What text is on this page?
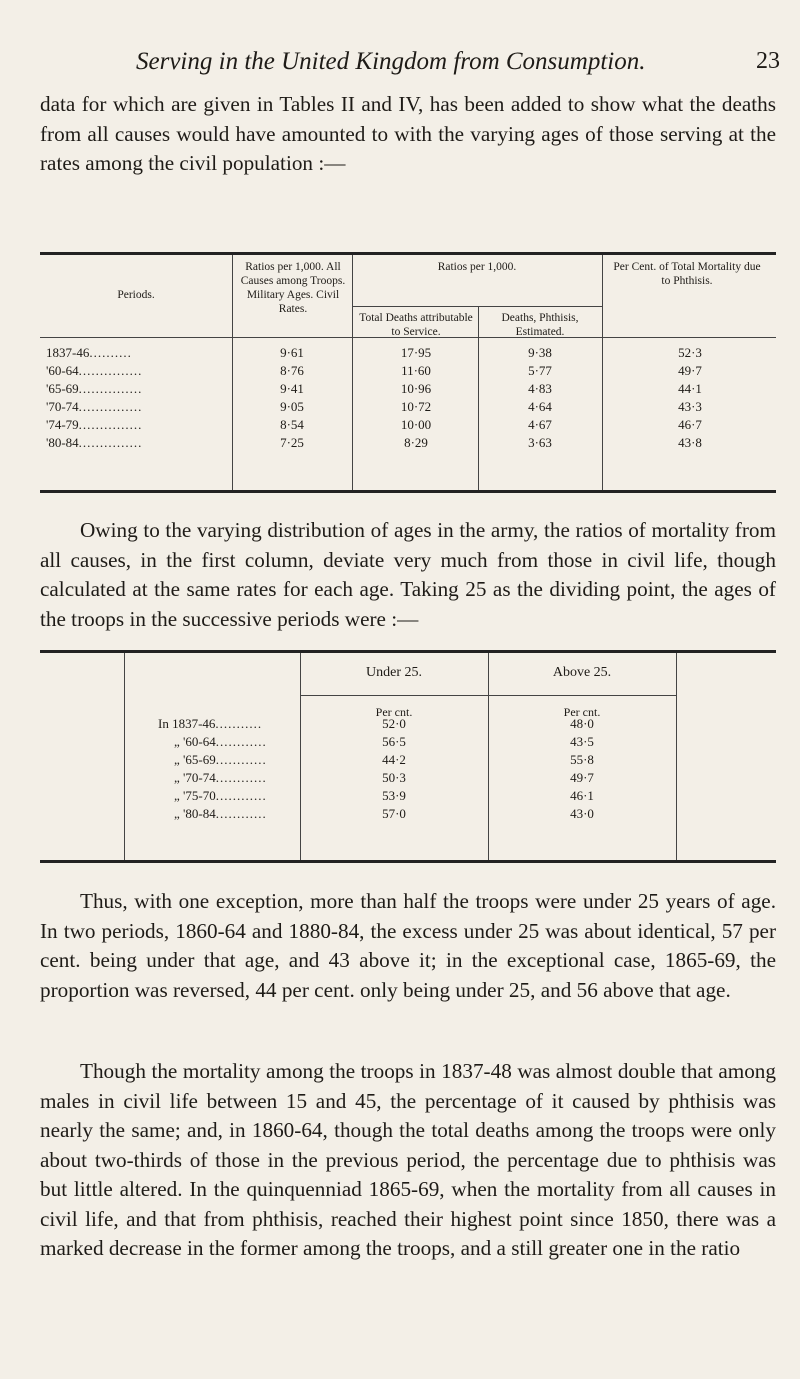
Serving in the United Kingdom from Consumption.	23

data for which are given in Tables II and IV, has been added to show what the deaths from all causes would have amounted to with the varying ages of those serving at the rates among the civil population :—

Periods.
Ratios per 1,000. All Causes among Troops. Military Ages. Civil Rates.
Ratios per 1,000.
Total Deaths attributable to Service.
Deaths, Phthisis, Estimated.
Per Cent. of Total Mortality due to Phthisis.
1837-46..........	9·61	17·95	9·38	52·3
'60-64...............	8·76	11·60	5·77	49·7
'65-69...............	9·41	10·96	4·83	44·1
'70-74...............	9·05	10·72	4·64	43·3
'74-79...............	8·54	10·00	4·67	46·7
'80-84...............	7·25	8·29	3·63	43·8

Owing to the varying distribution of ages in the army, the ratios of mortality from all causes, in the first column, deviate very much from those in civil life, though calculated at the same rates for each age. Taking 25 as the dividing point, the ages of the troops in the successive periods were :—

Under 25.	Above 25.
Per cnt.	Per cnt.
In 1837-46...........	52·0	48·0
„ '60-64............	56·5	43·5
„ '65-69............	44·2	55·8
„ '70-74............	50·3	49·7
„ '75-70............	53·9	46·1
„ '80-84............	57·0	43·0

Thus, with one exception, more than half the troops were under 25 years of age. In two periods, 1860-64 and 1880-84, the excess under 25 was about identical, 57 per cent. being under that age, and 43 above it; in the exceptional case, 1865-69, the proportion was reversed, 44 per cent. only being under 25, and 56 above that age.

Though the mortality among the troops in 1837-48 was almost double that among males in civil life between 15 and 45, the percentage of it caused by phthisis was nearly the same; and, in 1860-64, though the total deaths among the troops were only about two-thirds of those in the previous period, the percentage due to phthisis was but little altered. In the quinquenniad 1865-69, when the mortality from all causes in civil life, and that from phthisis, reached their highest point since 1850, there was a marked decrease in the former among the troops, and a still greater one in the ratio
